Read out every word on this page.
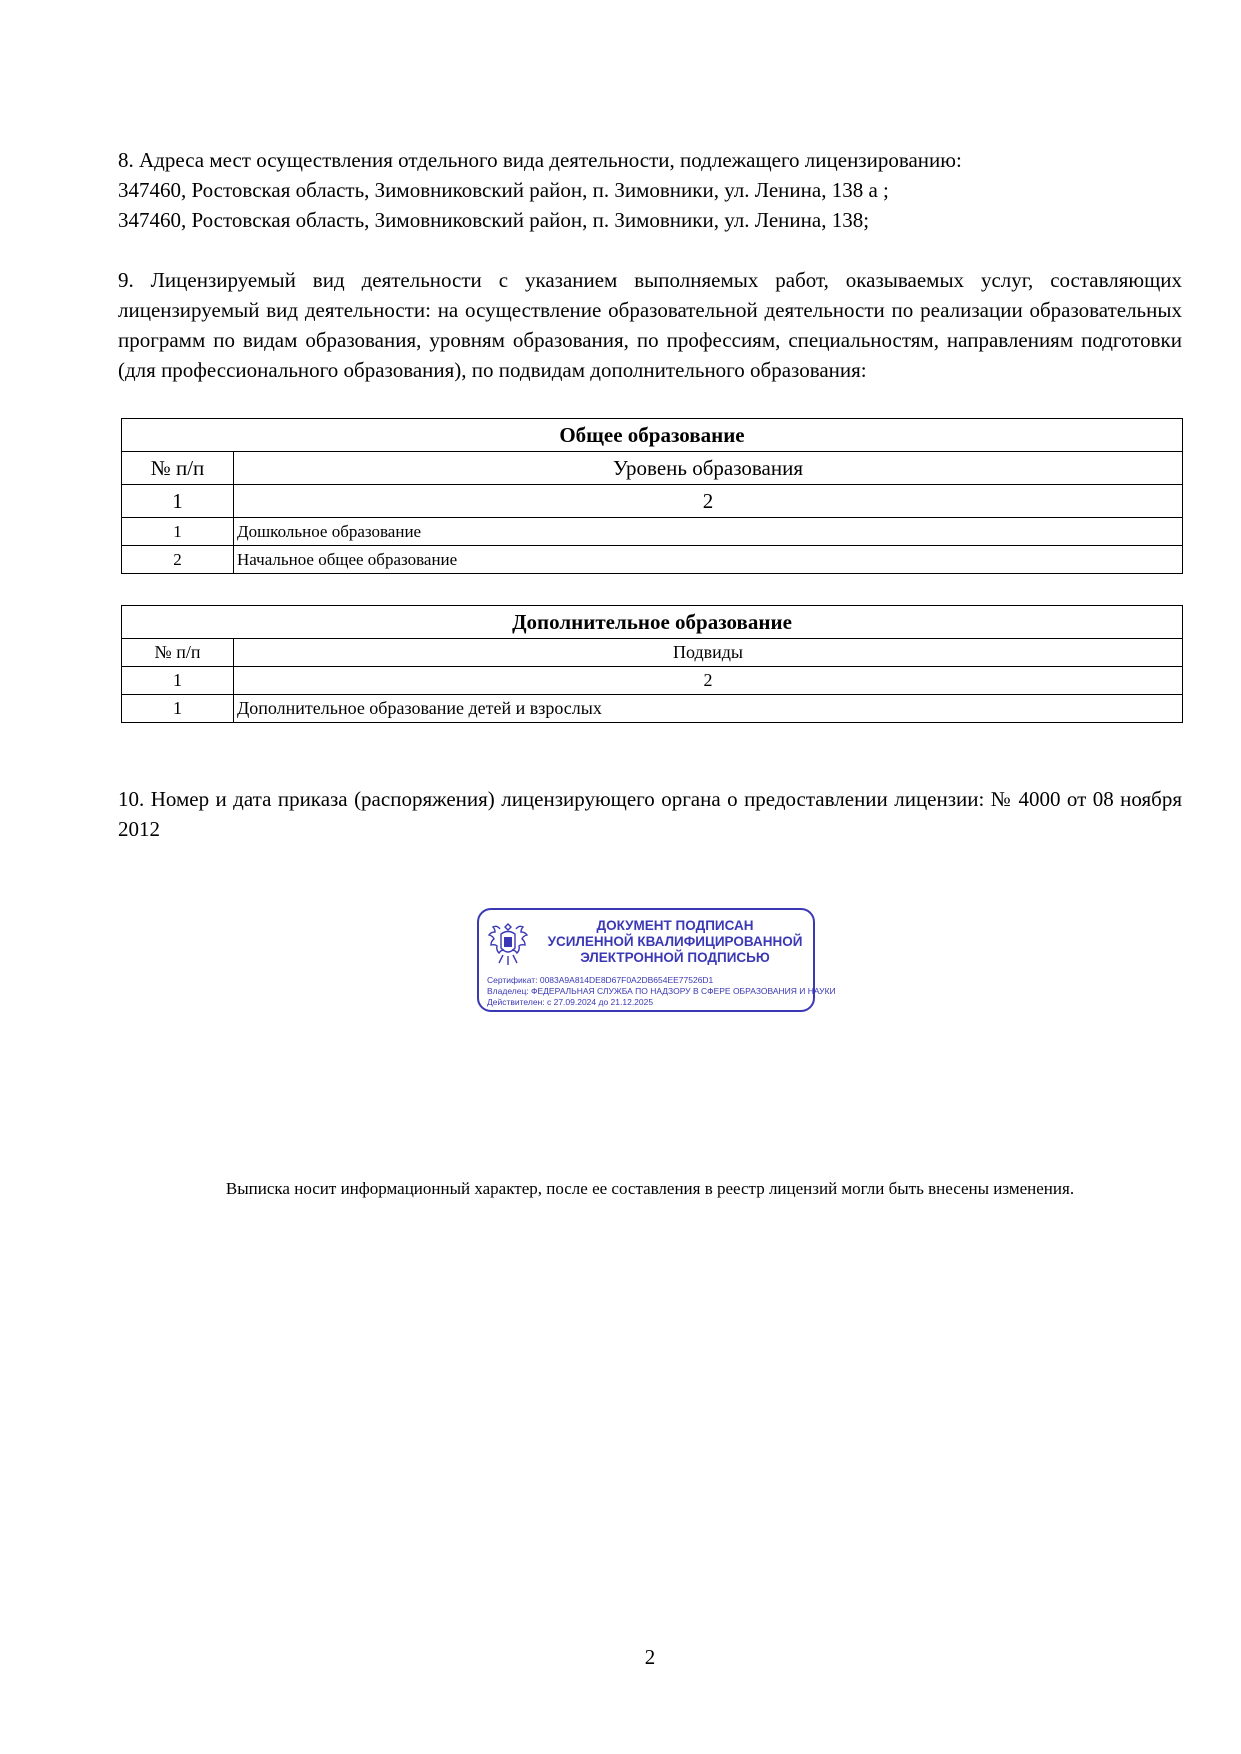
8. Адреса мест осуществления отдельного вида деятельности, подлежащего лицензированию:

347460, Ростовская область, Зимовниковский район, п. Зимовники, ул. Ленина, 138 а ;

347460, Ростовская область, Зимовниковский район, п. Зимовники, ул. Ленина, 138;

9. Лицензируемый вид деятельности с указанием выполняемых работ, оказываемых услуг, составляющих лицензируемый вид деятельности: на осуществление образовательной деятельности по реализации образовательных программ по видам образования, уровням образования, по профессиям, специальностям, направлениям подготовки (для профессионального образования), по подвидам дополнительного образования:

Общее образование	
№ п/п	Уровень образования
1	2
1	Дошкольное образование
2	Начальное общее образование
Дополнительное образование	
№ п/п	Подвиды
1	2
1	Дополнительное образование детей и взрослых

10. Номер и дата приказа (распоряжения) лицензирующего органа о предоставлении лицензии: № 4000 от 08 ноября 2012

ДОКУМЕНТ ПОДПИСАН
УСИЛЕННОЙ КВАЛИФИЦИРОВАННОЙ
ЭЛЕКТРОННОЙ ПОДПИСЬЮ
Сертификат: 0083A9A814DE8D67F0A2DB654EE77526D1
Владелец: ФЕДЕРАЛЬНАЯ СЛУЖБА ПО НАДЗОРУ В СФЕРЕ ОБРАЗОВАНИЯ И НАУКИ
Действителен: с 27.09.2024 до 21.12.2025
Выписка носит информационный характер, после ее составления в реестр лицензий могли быть внесены изменения.
2
